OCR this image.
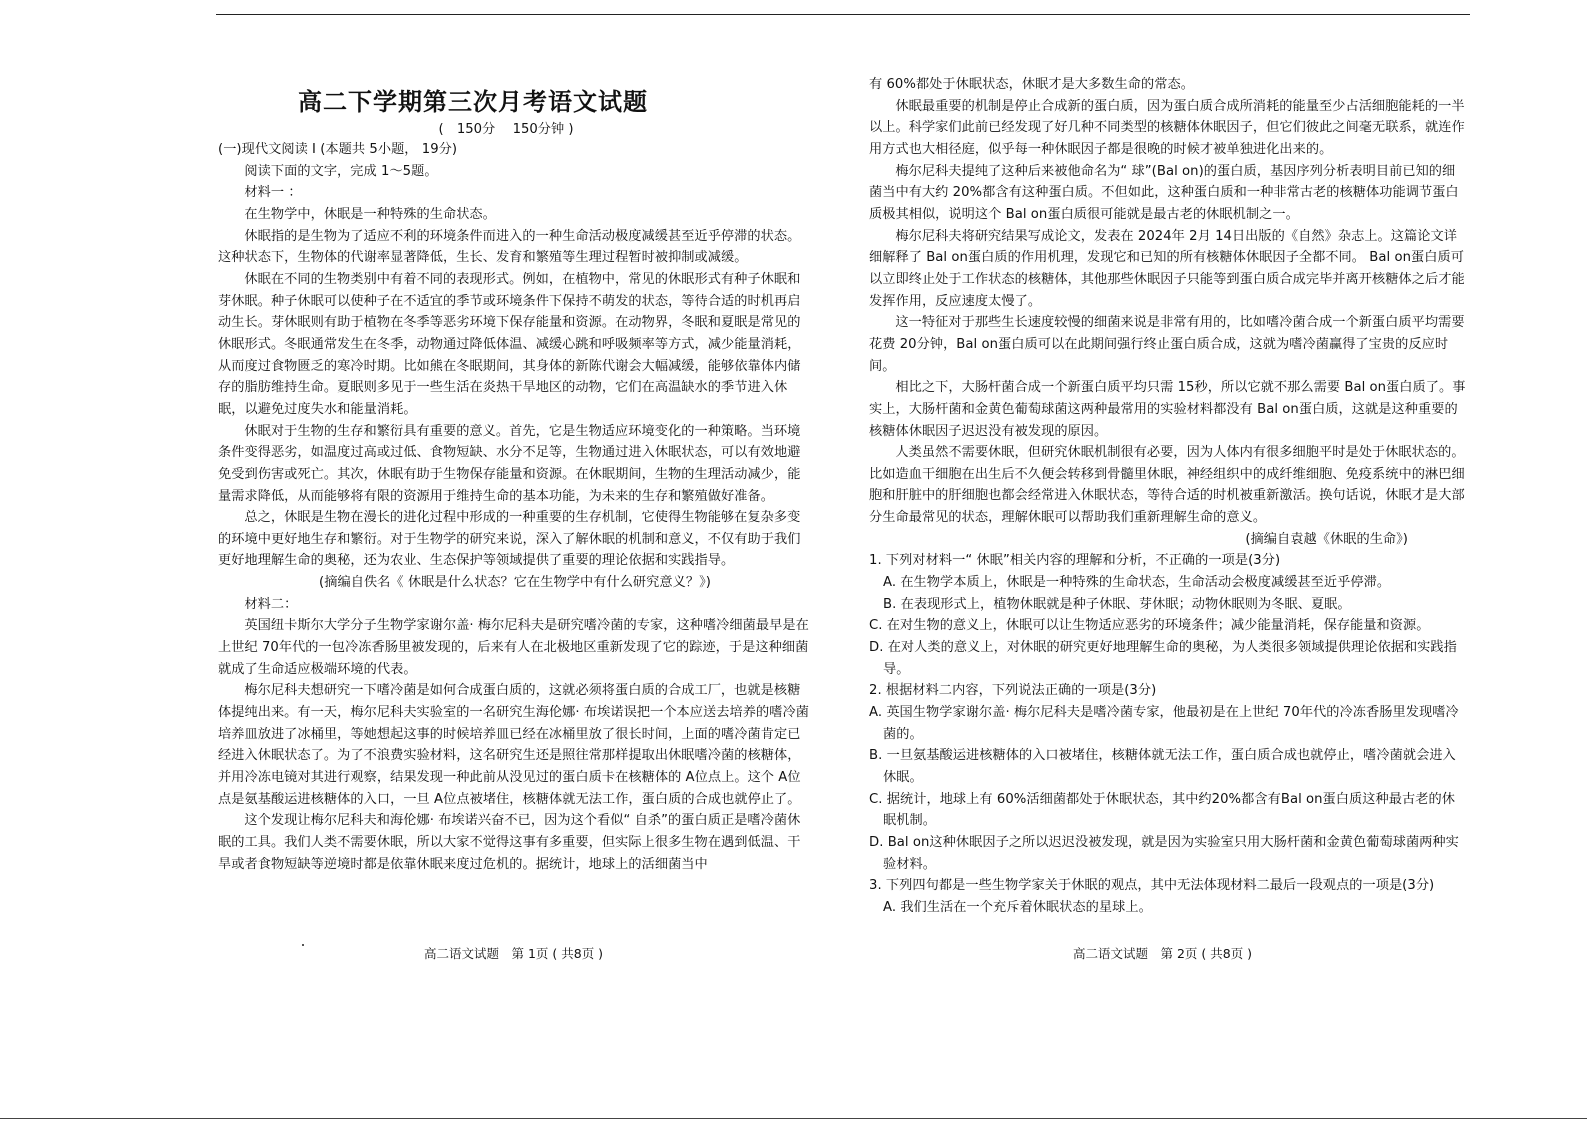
高二下学期第三次月考语文试题
(　150分　 150分钟 )

(一)现代文阅读 I (本题共 5小题， 19分)

阅读下面的文字，完成 1～5题。

材料一 ：

在生物学中，休眠是一种特殊的生命状态。

休眠指的是生物为了适应不利的环境条件而进入的一种生命活动极度减缓甚至近乎停滞的状态。这种状态下，生物体的代谢率显著降低，生长、发育和繁殖等生理过程暂时被抑制或减缓。

休眠在不同的生物类别中有着不同的表现形式。例如，在植物中，常见的休眠形式有种子休眠和芽休眠。种子休眠可以使种子在不适宜的季节或环境条件下保持不萌发的状态，等待合适的时机再启动生长。芽休眠则有助于植物在冬季等恶劣环境下保存能量和资源。在动物界，冬眠和夏眠是常见的休眠形式。冬眠通常发生在冬季，动物通过降低体温、减缓心跳和呼吸频率等方式，减少能量消耗，从而度过食物匮乏的寒冷时期。比如熊在冬眠期间，其身体的新陈代谢会大幅减缓，能够依靠体内储存的脂肪维持生命。夏眠则多见于一些生活在炎热干旱地区的动物，它们在高温缺水的季节进入休眠，以避免过度失水和能量消耗。

休眠对于生物的生存和繁衍具有重要的意义。首先，它是生物适应环境变化的一种策略。当环境条件变得恶劣，如温度过高或过低、食物短缺、水分不足等，生物通过进入休眠状态，可以有效地避免受到伤害或死亡。其次，休眠有助于生物保存能量和资源。在休眠期间，生物的生理活动减少，能量需求降低，从而能够将有限的资源用于维持生命的基本功能，为未来的生存和繁殖做好准备。

总之，休眠是生物在漫长的进化过程中形成的一种重要的生存机制，它使得生物能够在复杂多变的环境中更好地生存和繁衍。对于生物学的研究来说，深入了解休眠的机制和意义，不仅有助于我们更好地理解生命的奥秘，还为农业、生态保护等领域提供了重要的理论依据和实践指导。

(摘编自佚名《 休眠是什么状态？它在生物学中有什么研究意义？》)

材料二：

英国纽卡斯尔大学分子生物学家谢尔盖· 梅尔尼科夫是研究嗜冷菌的专家，这种嗜冷细菌最早是在上世纪 70年代的一包冷冻香肠里被发现的，后来有人在北极地区重新发现了它的踪迹，于是这种细菌就成了生命适应极端环境的代表。

梅尔尼科夫想研究一下嗜冷菌是如何合成蛋白质的，这就必须将蛋白质的合成工厂，也就是核糖体提纯出来。有一天，梅尔尼科夫实验室的一名研究生海伦娜· 布埃诺误把一个本应送去培养的嗜冷菌培养皿放进了冰桶里，等她想起这事的时候培养皿已经在冰桶里放了很长时间，上面的嗜冷菌肯定已经进入休眠状态了。为了不浪费实验材料，这名研究生还是照往常那样提取出休眠嗜冷菌的核糖体，并用冷冻电镜对其进行观察，结果发现一种此前从没见过的蛋白质卡在核糖体的 A位点上。这个 A位点是氨基酸运进核糖体的入口，一旦 A位点被堵住，核糖体就无法工作，蛋白质的合成也就停止了。

这个发现让梅尔尼科夫和海伦娜· 布埃诺兴奋不已，因为这个看似“ 自杀”的蛋白质正是嗜冷菌休眠的工具。我们人类不需要休眠，所以大家不觉得这事有多重要，但实际上很多生物在遇到低温、干旱或者食物短缺等逆境时都是依靠休眠来度过危机的。据统计，地球上的活细菌当中

有 60%都处于休眠状态，休眠才是大多数生命的常态。

休眠最重要的机制是停止合成新的蛋白质，因为蛋白质合成所消耗的能量至少占活细胞能耗的一半以上。科学家们此前已经发现了好几种不同类型的核糖体休眠因子，但它们彼此之间毫无联系，就连作用方式也大相径庭，似乎每一种休眠因子都是很晚的时候才被单独进化出来的。

梅尔尼科夫提纯了这种后来被他命名为“ 球”(Bal on)的蛋白质，基因序列分析表明目前已知的细菌当中有大约 20%都含有这种蛋白质。不但如此，这种蛋白质和一种非常古老的核糖体功能调节蛋白质极其相似，说明这个 Bal on蛋白质很可能就是最古老的休眠机制之一。

梅尔尼科夫将研究结果写成论文，发表在 2024年 2月 14日出版的《自然》杂志上。这篇论文详细解释了 Bal on蛋白质的作用机理，发现它和已知的所有核糖体休眠因子全都不同。 Bal on蛋白质可以立即终止处于工作状态的核糖体，其他那些休眠因子只能等到蛋白质合成完毕并离开核糖体之后才能发挥作用，反应速度太慢了。

这一特征对于那些生长速度较慢的细菌来说是非常有用的，比如嗜冷菌合成一个新蛋白质平均需要花费 20分钟，Bal on蛋白质可以在此期间强行终止蛋白质合成，这就为嗜冷菌赢得了宝贵的反应时间。

相比之下，大肠杆菌合成一个新蛋白质平均只需 15秒，所以它就不那么需要 Bal on蛋白质了。事实上，大肠杆菌和金黄色葡萄球菌这两种最常用的实验材料都没有 Bal on蛋白质，这就是这种重要的核糖体休眠因子迟迟没有被发现的原因。

人类虽然不需要休眠，但研究休眠机制很有必要，因为人体内有很多细胞平时是处于休眠状态的。比如造血干细胞在出生后不久便会转移到骨髓里休眠，神经组织中的成纤维细胞、免疫系统中的淋巴细胞和肝脏中的肝细胞也都会经常进入休眠状态，等待合适的时机被重新激活。换句话说，休眠才是大部分生命最常见的状态，理解休眠可以帮助我们重新理解生命的意义。

(摘编自袁越《休眠的生命》)

1. 下列对材料一“ 休眠”相关内容的理解和分析，不正确的一项是(3分)

A. 在生物学本质上，休眠是一种特殊的生命状态，生命活动会极度减缓甚至近乎停滞。

B. 在表现形式上，植物休眠就是种子休眠、芽休眠；动物休眠则为冬眠、夏眠。

C. 在对生物的意义上，休眠可以让生物适应恶劣的环境条件；减少能量消耗，保存能量和资源。

D. 在对人类的意义上，对休眠的研究更好地理解生命的奥秘，为人类很多领域提供理论依据和实践指导。

2. 根据材料二内容，下列说法正确的一项是(3分)

A. 英国生物学家谢尔盖· 梅尔尼科夫是嗜冷菌专家，他最初是在上世纪 70年代的冷冻香肠里发现嗜冷菌的。

B. 一旦氨基酸运进核糖体的入口被堵住，核糖体就无法工作，蛋白质合成也就停止，嗜冷菌就会进入休眠。

C. 据统计，地球上有 60%活细菌都处于休眠状态，其中约20%都含有Bal on蛋白质这种最古老的休眠机制。

D. Bal on这种休眠因子之所以迟迟没被发现，就是因为实验室只用大肠杆菌和金黄色葡萄球菌两种实验材料。

3. 下列四句都是一些生物学家关于休眠的观点，其中无法体现材料二最后一段观点的一项是(3分)

A. 我们生活在一个充斥着休眠状态的星球上。

高二语文试题　第 1页 ( 共8页 )	高二语文试题　第 2页 ( 共8页 )
